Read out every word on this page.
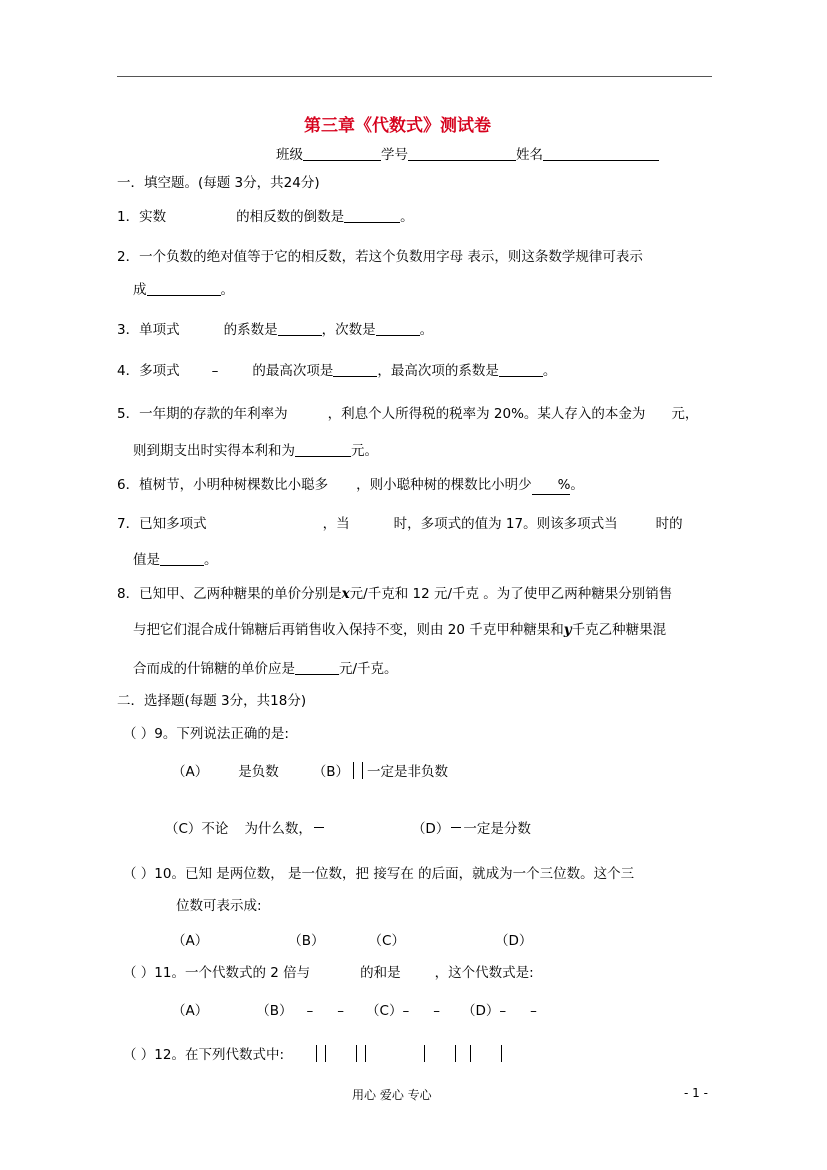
第三章《代数式》测试卷
班级	学号	姓名
一．填空题。(每题 3分，共24分)
1．实数	的相反数的倒数是	。
2．一个负数的绝对值等于它的相反数，若这个负数用字母 表示，则这条数学规律可表示
成	。
3．单项式	的系数是	，次数是	。
4．多项式 –	的最高次项是	，最高次项的系数是	。
5．一年期的存款的年利率为	，利息个人所得税的税率为 20%。某人存入的本金为 元，
则到期支出时实得本利和为	元。
6．植树节，小明种树棵数比小聪多 ，则小聪种树的棵数比小明少 %。
7．已知多项式	，当	时，多项式的值为 17。则该多项式当	时的
值是	。
8．已知甲、乙两种糖果的单价分别是x元/千克和 12 元/千克 。为了使甲乙两种糖果分别销售
与把它们混合成什锦糖后再销售收入保持不变，则由 20 千克甲种糖果和y千克乙种糖果混
合而成的什锦糖的单价应是	元/千克。
二．选择题(每题 3分，共18分)
（ ）9。下列说法正确的是:
（A） 是负数	（B） 一定是非负数
（C）不论 为什么数，	（D） 一定是分数
（ ）10。已知 是两位数， 是一位数，把 接写在 的后面，就成为一个三位数。这个三
位数可表示成:
（A）	（B）	（C）	（D）
（ ）11。一个代数式的 2 倍与	的和是	，这个代数式是:
（A）	（B） – – （C）– – （D）– –
（ ）12。在下列代数式中:
用心 爱心 专心	- 1 -
